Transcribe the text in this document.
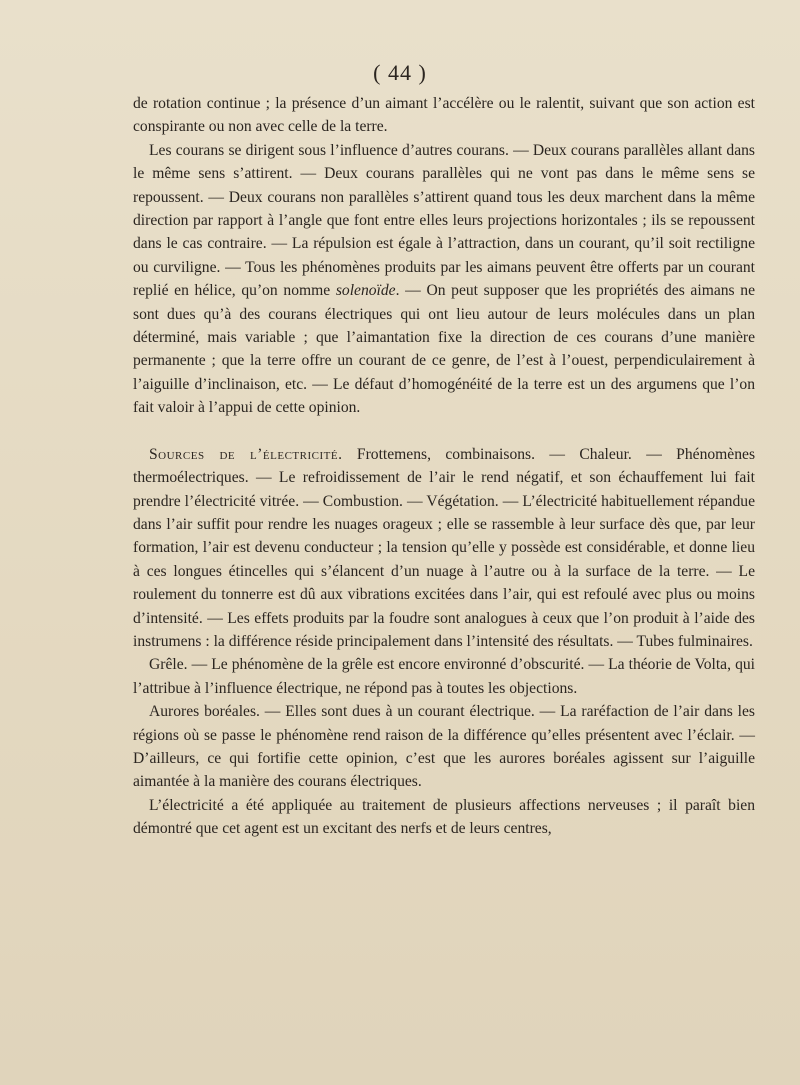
( 44 )

de rotation continue ; la présence d’un aimant l’accélère ou le ralentit, suivant que son action est conspirante ou non avec celle de la terre.

Les courans se dirigent sous l’influence d’autres courans. — Deux courans parallèles allant dans le même sens s’attirent. — Deux courans parallèles qui ne vont pas dans le même sens se repoussent. — Deux courans non parallèles s’attirent quand tous les deux marchent dans la même direction par rapport à l’angle que font entre elles leurs projections horizontales ; ils se repoussent dans le cas contraire. — La répulsion est égale à l’attraction, dans un courant, qu’il soit rectiligne ou curviligne. — Tous les phénomènes produits par les aimans peuvent être offerts par un courant replié en hélice, qu’on nomme solenoïde. — On peut supposer que les propriétés des aimans ne sont dues qu’à des courans électriques qui ont lieu autour de leurs molécules dans un plan déterminé, mais variable ; que l’aimantation fixe la direction de ces courans d’une manière permanente ; que la terre offre un courant de ce genre, de l’est à l’ouest, perpendiculairement à l’aiguille d’inclinaison, etc. — Le défaut d’homogénéité de la terre est un des argumens que l’on fait valoir à l’appui de cette opinion.

Sources de l’électricité. Frottemens, combinaisons. — Chaleur. — Phénomènes thermoélectriques. — Le refroidissement de l’air le rend négatif, et son échauffement lui fait prendre l’électricité vitrée. — Combustion. — Végétation. — L’électricité habituellement répandue dans l’air suffit pour rendre les nuages orageux ; elle se rassemble à leur surface dès que, par leur formation, l’air est devenu conducteur ; la tension qu’elle y possède est considérable, et donne lieu à ces longues étincelles qui s’élancent d’un nuage à l’autre ou à la surface de la terre. — Le roulement du tonnerre est dû aux vibrations excitées dans l’air, qui est refoulé avec plus ou moins d’intensité. — Les effets produits par la foudre sont analogues à ceux que l’on produit à l’aide des instrumens : la différence réside principalement dans l’intensité des résultats. — Tubes fulminaires.

Grêle. — Le phénomène de la grêle est encore environné d’obscurité. — La théorie de Volta, qui l’attribue à l’influence électrique, ne répond pas à toutes les objections.

Aurores boréales. — Elles sont dues à un courant électrique. — La raréfaction de l’air dans les régions où se passe le phénomène rend raison de la différence qu’elles présentent avec l’éclair. — D’ailleurs, ce qui fortifie cette opinion, c’est que les aurores boréales agissent sur l’aiguille aimantée à la manière des courans électriques.

L’électricité a été appliquée au traitement de plusieurs affections nerveuses ; il paraît bien démontré que cet agent est un excitant des nerfs et de leurs centres,
